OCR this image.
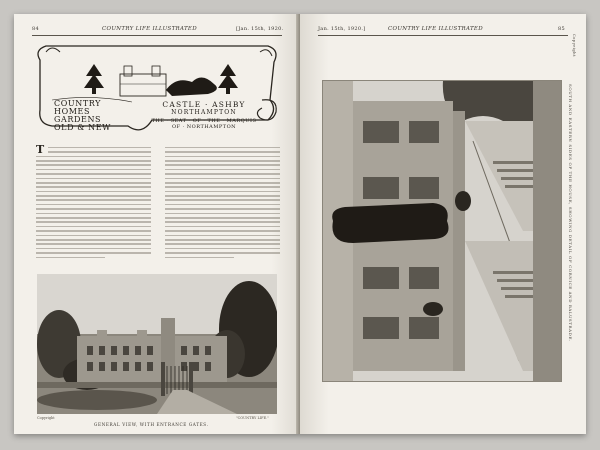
84	COUNTRY LIFE ILLUSTRATED	[Jan. 15th, 1920.
COUNTRY
HOMES
GARDENS
OLD & NEW
CASTLE · ASHBY
NORTHAMPTON
THE · SEAT · OF · THE · MARQUIS
OF · NORTHAMPTON
T
Copyright	"COUNTRY LIFE."
GENERAL VIEW, WITH ENTRANCE GATES.
Jan. 15th, 1920.]	COUNTRY LIFE ILLUSTRATED	85
SOUTH AND EASTERN SIDES OF THE HOUSE, SHOWING DETAIL OF CORNICE AND BALUSTRADE.
Copyright
